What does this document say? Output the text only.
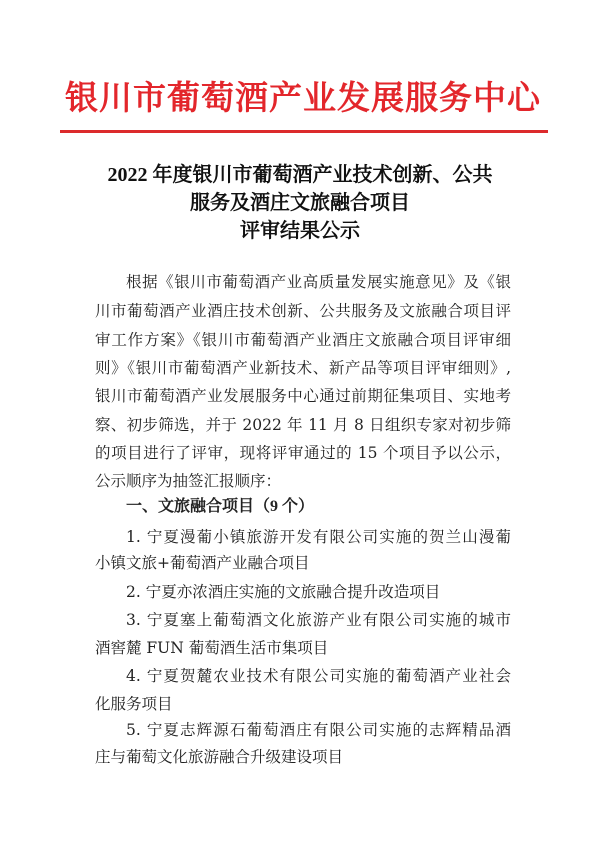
银川市葡萄酒产业发展服务中心
2022 年度银川市葡萄酒产业技术创新、公共
服务及酒庄文旅融合项目
评审结果公示
根据《银川市葡萄酒产业高质量发展实施意见》及《银
川市葡萄酒产业酒庄技术创新、公共服务及文旅融合项目评
审工作方案》《银川市葡萄酒产业酒庄文旅融合项目评审细
则》《银川市葡萄酒产业新技术、新产品等项目评审细则》,
银川市葡萄酒产业发展服务中心通过前期征集项目、实地考
察、初步筛选，并于 2022 年 11 月 8 日组织专家对初步筛
的项目进行了评审，现将评审通过的 15 个项目予以公示，
公示顺序为抽签汇报顺序：
一、文旅融合项目（9 个）
1. 宁夏漫葡小镇旅游开发有限公司实施的贺兰山漫葡
小镇文旅+葡萄酒产业融合项目
2. 宁夏亦浓酒庄实施的文旅融合提升改造项目
3. 宁夏塞上葡萄酒文化旅游产业有限公司实施的城市
酒窖麓 FUN 葡萄酒生活市集项目
4. 宁夏贺麓农业技术有限公司实施的葡萄酒产业社会
化服务项目
5. 宁夏志辉源石葡萄酒庄有限公司实施的志辉精品酒
庄与葡萄文化旅游融合升级建设项目
